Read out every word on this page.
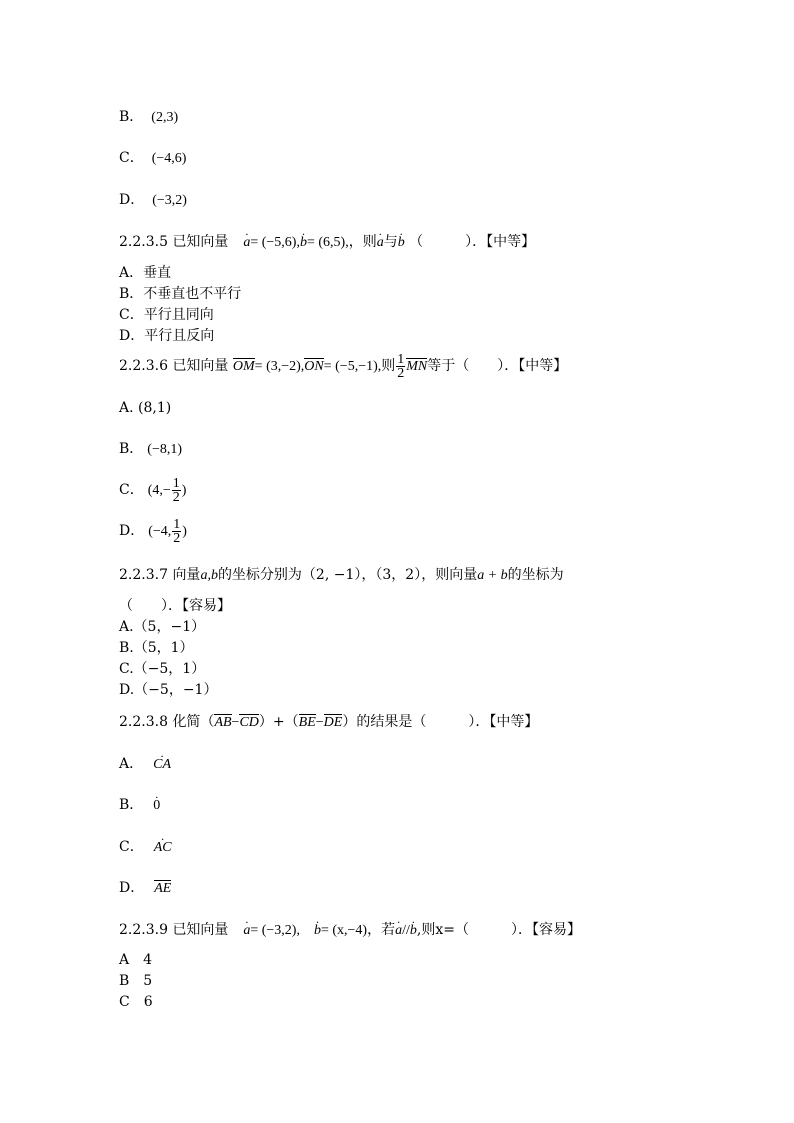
B． (2,3)
C． (−4,6)
D． (−3,2)
2.2.3.5 已知向量 a ·= (−5,6),b ·= (6,5),，则a ·与b · （　　　）．【中等】
A．垂直
B．不垂直也不平行
C．平行且同向
D．平行且反向
2.2.3.6 已知向量 OM= (3,−2),ON= (−5,−1),则 $\frac{1}{2}$ MN等于（　　）．【中等】
A. (8,1)
B． (−8,1)
C． ($4,- \frac{1}{2}$ )
D． (−4, $\frac{1}{2}$ )
2.2.3.7 向量a,b的坐标分别为（2, −1），（3，2），则向量a + b的坐标为
（　　）．【容易】
A.（5，−1）
B.（5，1）
C.（−5，1）
D.（−5，−1）
2.2.3.8 化简（AB−CD）+（BE−DE）的结果是（　　　）．【中等】
A． CA ·
B． 0 ·
C． AC ·
D． AE
2.2.3.9 已知向量 a ·= (−3,2), b ·= (x,−4)，若a ·//b ·,则x=（　　　）．【容易】
A　4
B　5
C　6
